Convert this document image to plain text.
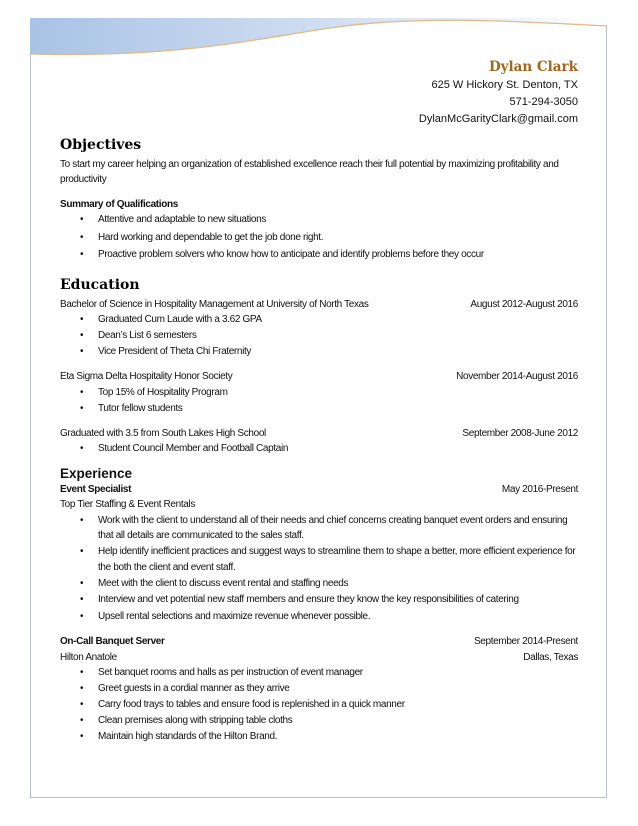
Dylan Clark
625 W Hickory St. Denton, TX
571-294-3050
DylanMcGarityClark@gmail.com
Objectives

To start my career helping an organization of established excellence reach their full potential by maximizing profitability and productivity

Summary of Qualifications

• Attentive and adaptable to new situations
• Hard working and dependable to get the job done right.
• Proactive problem solvers who know how to anticipate and identify problems before they occur
Education
Bachelor of Science in Hospitality Management at University of North Texas	August 2012-August 2016
• Graduated Cum Laude with a 3.62 GPA
• Dean’s List 6 semesters
• Vice President of Theta Chi Fraternity
Eta Sigma Delta Hospitality Honor Society	November 2014-August 2016
• Top 15% of Hospitality Program
• Tutor fellow students
Graduated with 3.5 from South Lakes High School	September 2008-June 2012
• Student Council Member and Football Captain
Experience
Event Specialist	May 2016-Present
Top Tier Staffing & Event Rentals
• Work with the client to understand all of their needs and chief concerns creating banquet event orders and ensuring that all details are communicated to the sales staff.
• Help identify inefficient practices and suggest ways to streamline them to shape a better, more efficient experience for the both the client and event staff.
• Meet with the client to discuss event rental and staffing needs
• Interview and vet potential new staff members and ensure they know the key responsibilities of catering
• Upsell rental selections and maximize revenue whenever possible.
On-Call Banquet Server	September 2014-Present
Hilton Anatole	Dallas, Texas
• Set banquet rooms and halls as per instruction of event manager
• Greet guests in a cordial manner as they arrive
• Carry food trays to tables and ensure food is replenished in a quick manner
• Clean premises along with stripping table cloths
• Maintain high standards of the Hilton Brand.
